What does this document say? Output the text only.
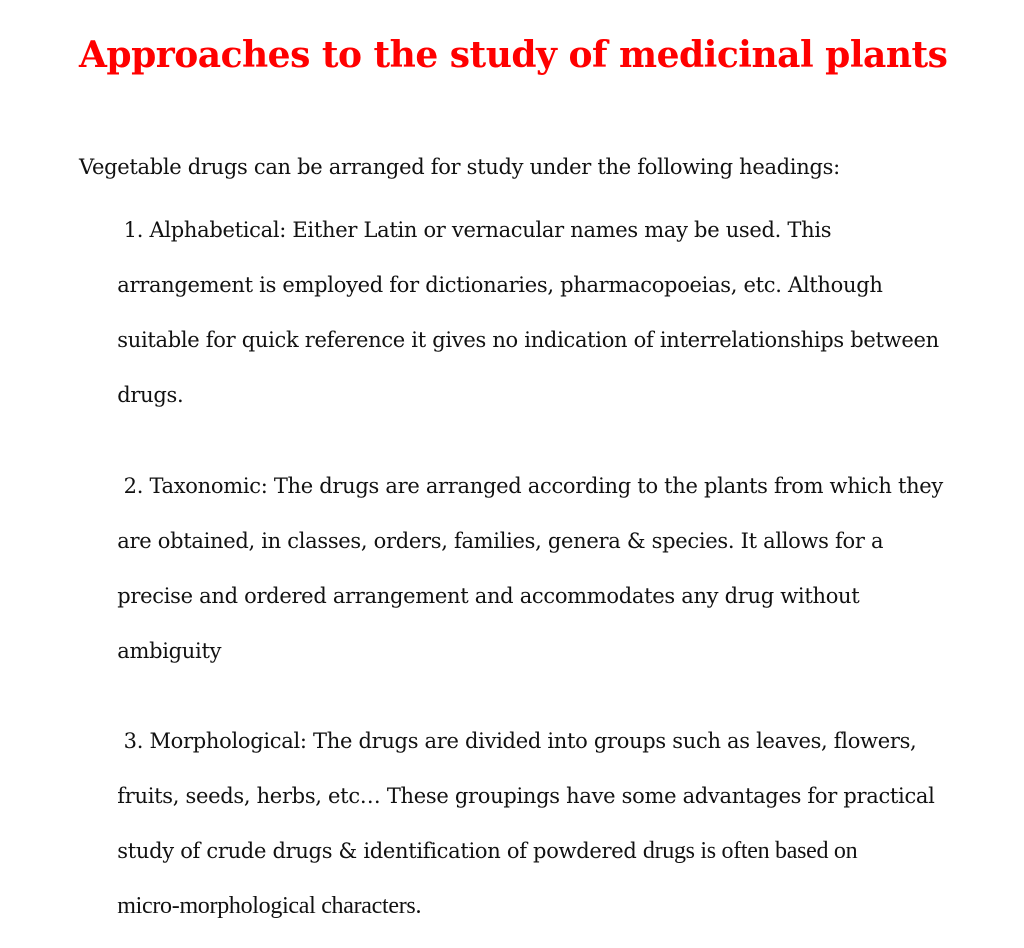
Approaches to the study of medicinal plants

Vegetable drugs can be arranged for study under the following headings:

1. Alphabetical: Either Latin or vernacular names may be used. This

arrangement is employed for dictionaries, pharmacopoeias, etc. Although

suitable for quick reference it gives no indication of interrelationships between

drugs.

2. Taxonomic: The drugs are arranged according to the plants from which they

are obtained, in classes, orders, families, genera & species. It allows for a

precise and ordered arrangement and accommodates any drug without

ambiguity

3. Morphological: The drugs are divided into groups such as leaves, flowers,

fruits, seeds, herbs, etc… These groupings have some advantages for practical

study of crude drugs & identification of powdered drugs is often based on

micro-morphological characters.
